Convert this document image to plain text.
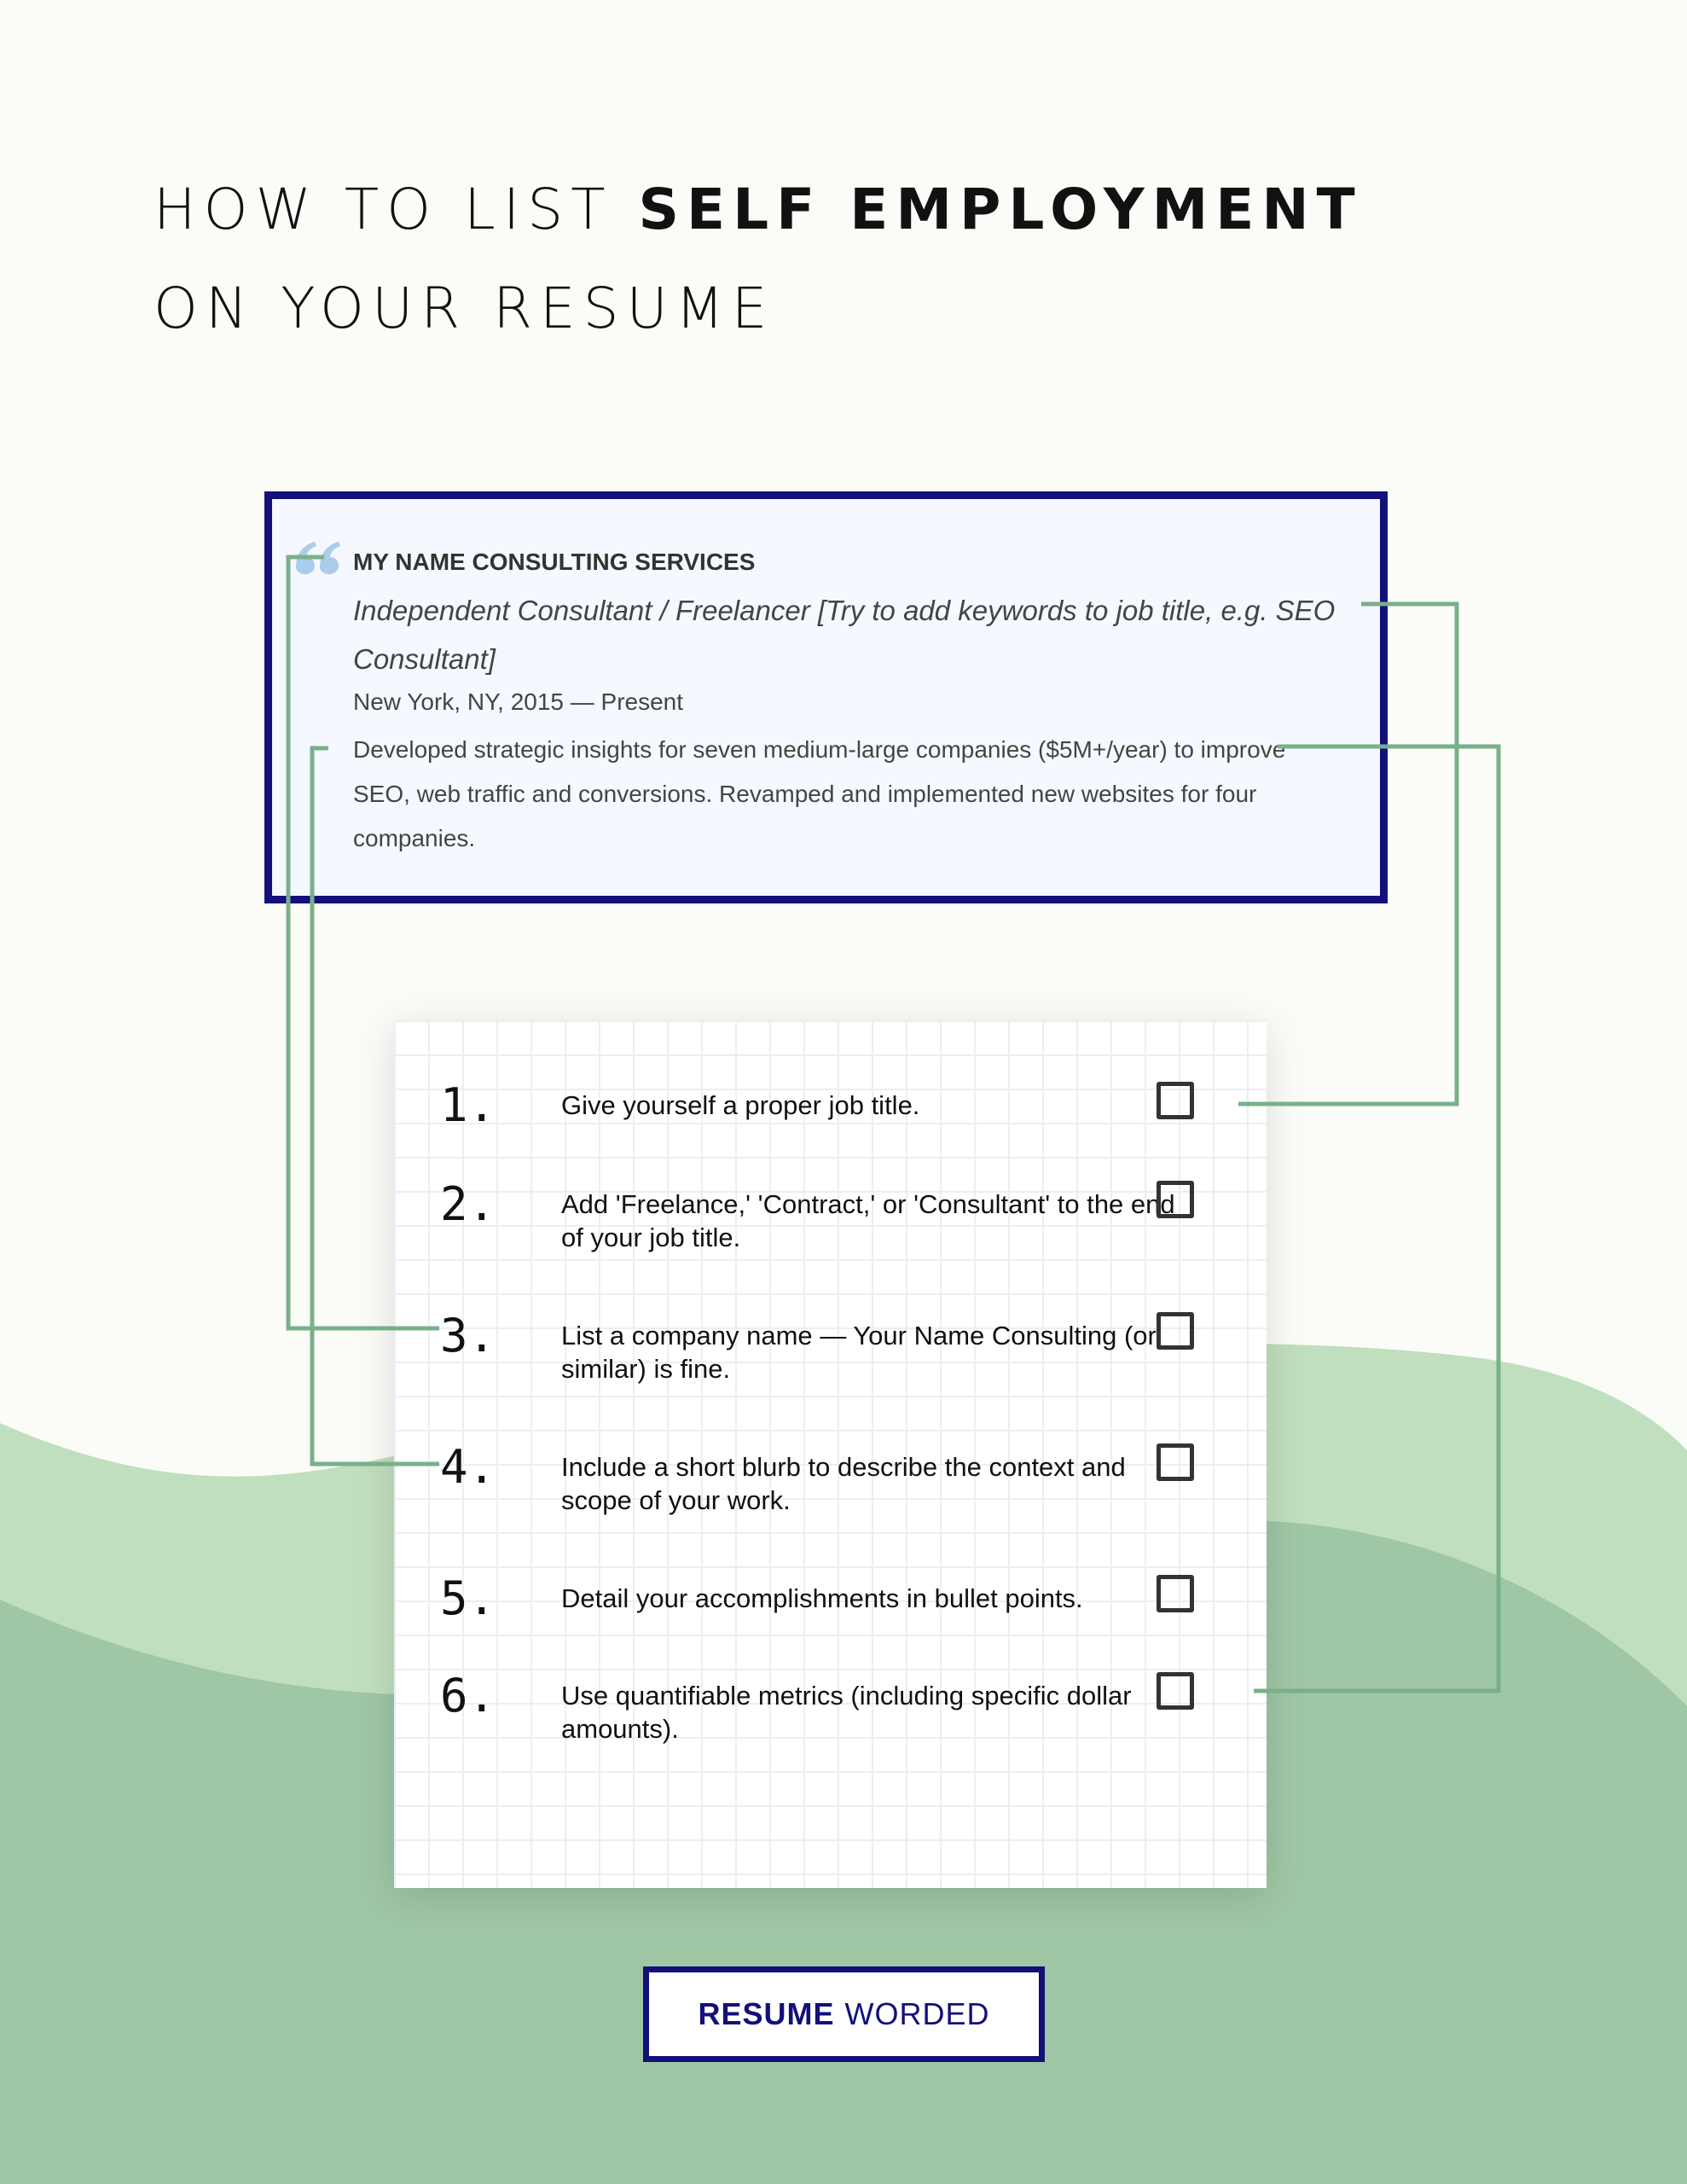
HOW TO LIST SELF EMPLOYMENT
ON YOUR RESUME
MY NAME CONSULTING SERVICES
Independent Consultant / Freelancer [Try to add keywords to job title, e.g. SEO Consultant]
New York, NY, 2015 — Present
Developed strategic insights for seven medium-large companies ($5M+/year) to improve SEO, web traffic and conversions. Revamped and implemented new websites for four companies.
1. Give yourself a proper job title.
2. Add 'Freelance,' 'Contract,' or 'Consultant' to the end of your job title.
3. List a company name — Your Name Consulting (or similar) is fine.
4. Include a short blurb to describe the context and scope of your work.
5. Detail your accomplishments in bullet points.
6. Use quantifiable metrics (including specific dollar amounts).
RESUME WORDED
